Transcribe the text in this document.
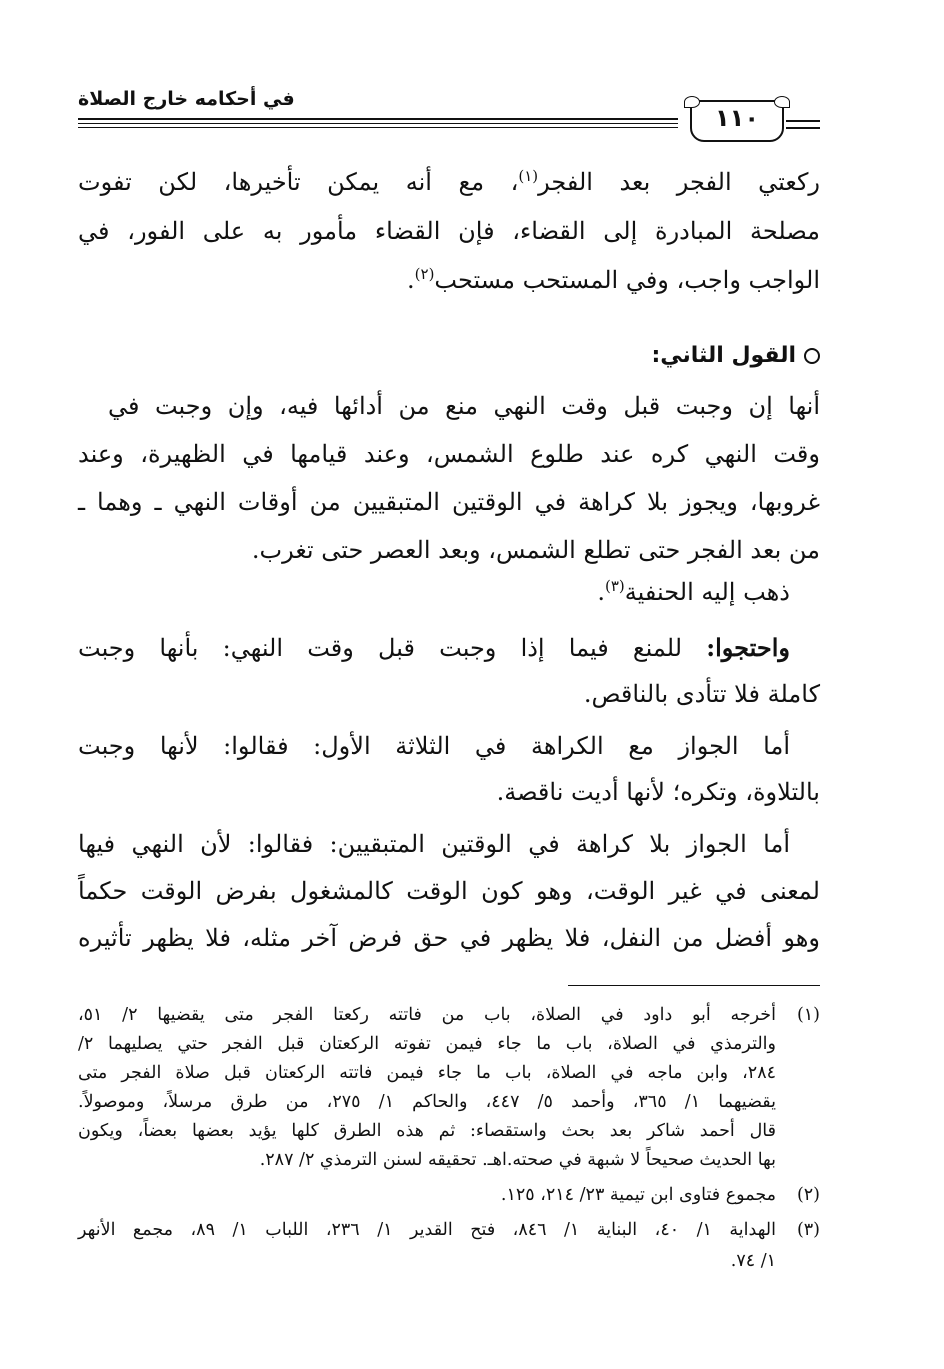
في أحكامه خارج الصلاة
١١٠
ركعتي الفجر بعد الفجر$^{(١)}$، مع أنه يمكن تأخيرها، لكن تفوت
مصلحة المبادرة إلى القضاء، فإن القضاء مأمور به على الفور، في
الواجب واجب، وفي المستحب مستحب$^{(٢)}$.
القول الثاني:
أنها إن وجبت قبل وقت النهي منع من أدائها فيه، وإن وجبت في
وقت النهي كره عند طلوع الشمس، وعند قيامها في الظهيرة، وعند
غروبها، ويجوز بلا كراهة في الوقتين المتبقيين من أوقات النهي ـ وهما ـ
من بعد الفجر حتى تطلع الشمس، وبعد العصر حتى تغرب.
ذهب إليه الحنفية$^{(٣)}$.
واحتجوا: للمنع فيما إذا وجبت قبل وقت النهي: بأنها وجبت
كاملة فلا تتأدى بالناقص.
أما الجواز مع الكراهة في الثلاثة الأول: فقالوا: لأنها وجبت
بالتلاوة، وتكره؛ لأنها أديت ناقصة.
أما الجواز بلا كراهة في الوقتين المتبقيين: فقالوا: لأن النهي فيها
لمعنى في غير الوقت، وهو كون الوقت كالمشغول بفرض الوقت حكماً
وهو أفضل من النفل، فلا يظهر في حق فرض آخر مثله، فلا يظهر تأثيره
(١)
أخرجه أبو داود في الصلاة، باب من فاتته ركعتا الفجر متى يقضيها ٢/ ٥١،
والترمذي في الصلاة، باب ما جاء فيمن تفوته الركعتان قبل الفجر حتي يصليهما ٢/
٢٨٤، وابن ماجه في الصلاة، باب ما جاء فيمن فاتته الركعتان قبل صلاة الفجر متى
يقضيهما ١/ ٣٦٥، وأحمد ٥/ ٤٤٧، والحاكم ١/ ٢٧٥، من طرق مرسلاً، وموصولاً.
قال أحمد شاكر بعد بحث واستقصاء: ثم هذه الطرق كلها يؤيد بعضها بعضاً، ويكون
بها الحديث صحيحاً لا شبهة في صحته.اهـ. تحقيقه لسنن الترمذي ٢/ ٢٨٧.
(٢)
مجموع فتاوى ابن تيمية ٢٣/ ٢١٤، ١٢٥.
(٣)
الهداية ١/ ٤٠، البناية ١/ ٨٤٦، فتح القدير ١/ ٢٣٦، اللباب ١/ ٨٩، مجمع الأنهر
١/ ٧٤.
